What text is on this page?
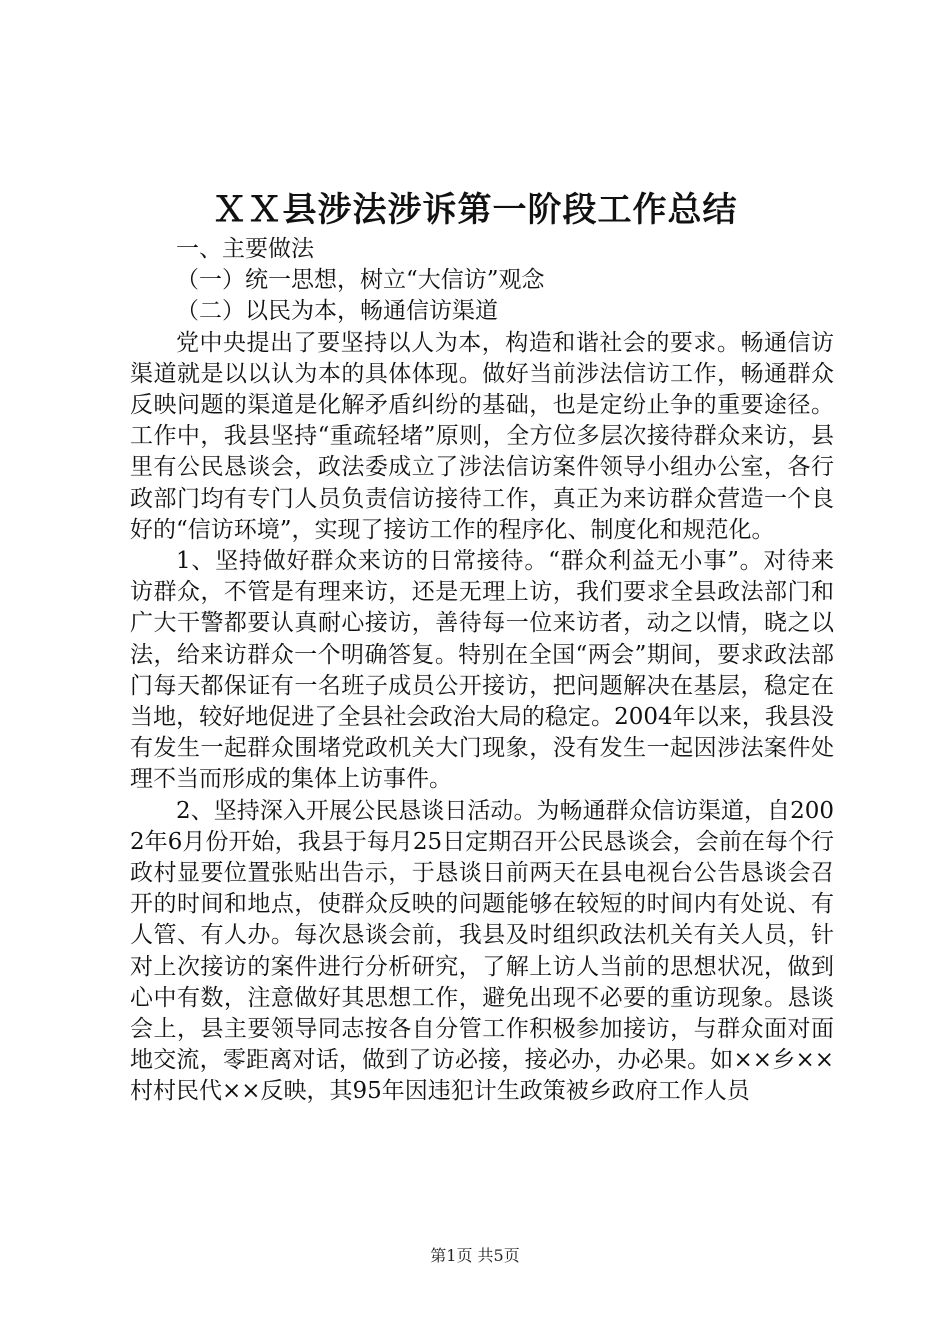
ＸＸ县涉法涉诉第一阶段工作总结

一、主要做法

（一）统一思想，树立“大信访”观念

（二）以民为本，畅通信访渠道

党中央提出了要坚持以人为本，构造和谐社会的要求。畅通信访渠道就是以以认为本的具体体现。做好当前涉法信访工作，畅通群众反映问题的渠道是化解矛盾纠纷的基础，也是定纷止争的重要途径。工作中，我县坚持“重疏轻堵”原则，全方位多层次接待群众来访，县里有公民恳谈会，政法委成立了涉法信访案件领导小组办公室，各行政部门均有专门人员负责信访接待工作，真正为来访群众营造一个良好的“信访环境”，实现了接访工作的程序化、制度化和规范化。

1、坚持做好群众来访的日常接待。“群众利益无小事”。对待来访群众，不管是有理来访，还是无理上访，我们要求全县政法部门和广大干警都要认真耐心接访，善待每一位来访者，动之以情，晓之以法，给来访群众一个明确答复。特别在全国“两会”期间，要求政法部门每天都保证有一名班子成员公开接访，把问题解决在基层，稳定在当地，较好地促进了全县社会政治大局的稳定。2004年以来，我县没有发生一起群众围堵党政机关大门现象，没有发生一起因涉法案件处理不当而形成的集体上访事件。

2、坚持深入开展公民恳谈日活动。为畅通群众信访渠道，自2002年6月份开始，我县于每月25日定期召开公民恳谈会，会前在每个行政村显要位置张贴出告示，于恳谈日前两天在县电视台公告恳谈会召开的时间和地点，使群众反映的问题能够在较短的时间内有处说、有人管、有人办。每次恳谈会前，我县及时组织政法机关有关人员，针对上次接访的案件进行分析研究，了解上访人当前的思想状况，做到心中有数，注意做好其思想工作，避免出现不必要的重访现象。恳谈会上，县主要领导同志按各自分管工作积极参加接访，与群众面对面地交流，零距离对话，做到了访必接，接必办，办必果。如××乡××村村民代××反映，其95年因违犯计生政策被乡政府工作人员

第1页 共5页
